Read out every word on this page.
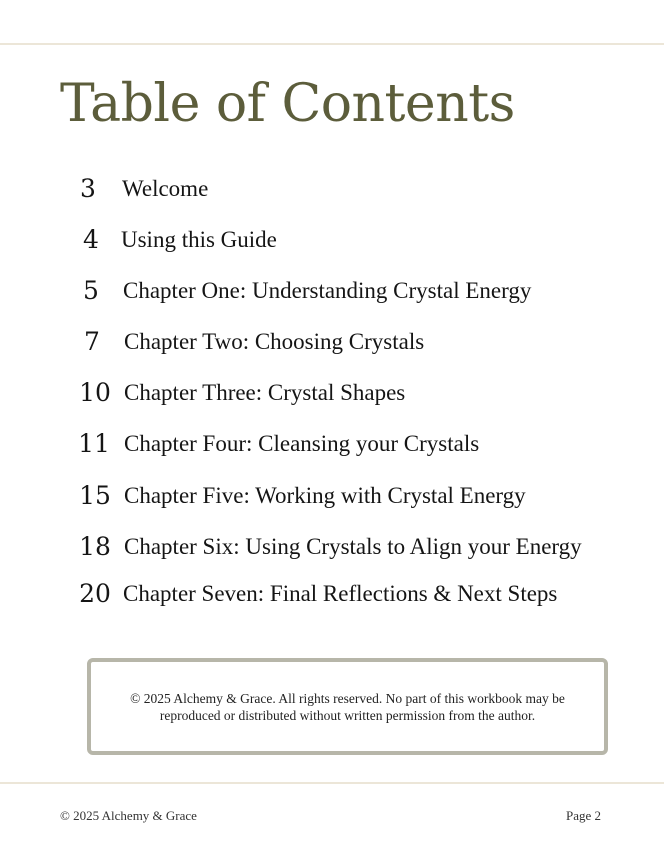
Table of Contents
3	Welcome
4 Using this Guide
5	Chapter One: Understanding Crystal Energy
7	Chapter Two: Choosing Crystals
10 Chapter Three: Crystal Shapes
11 Chapter Four: Cleansing your Crystals
15 Chapter Five: Working with Crystal Energy
18 Chapter Six: Using Crystals to Align your Energy
20 Chapter Seven: Final Reflections & Next Steps

© 2025 Alchemy & Grace. All rights reserved. No part of this workbook may be reproduced or distributed without written permission from the author.

© 2025 Alchemy & Grace	Page 2
